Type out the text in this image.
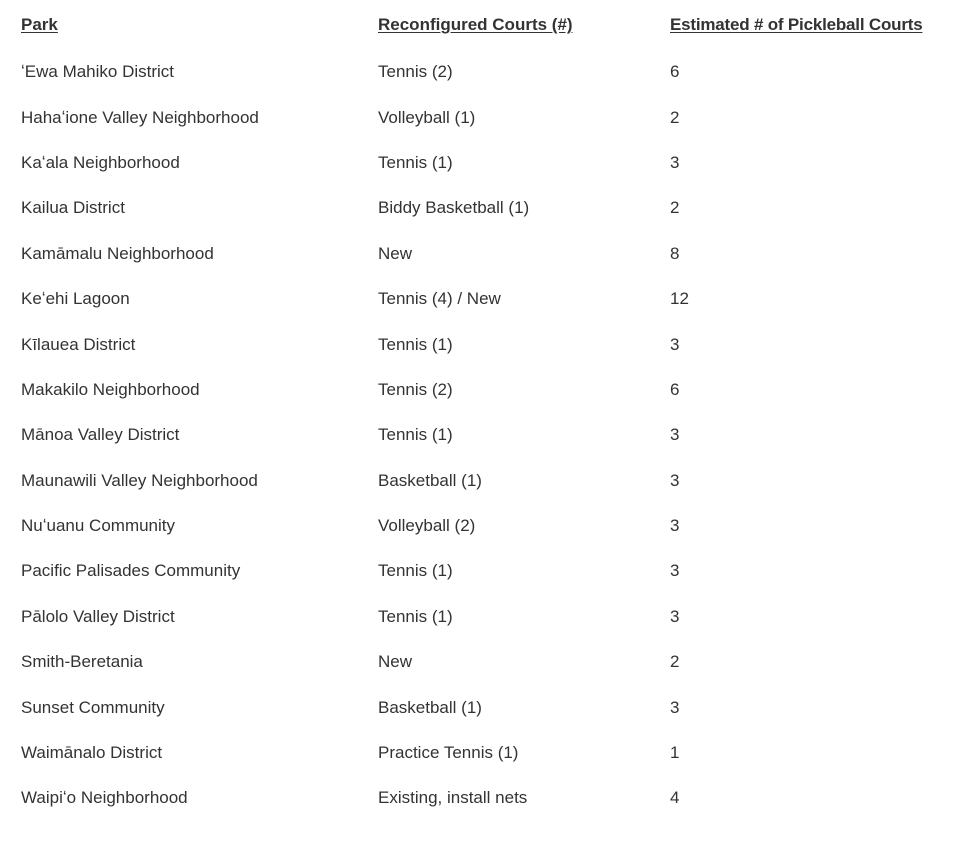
Park	Reconfigured Courts (#)	Estimated # of Pickleball Courts
ʻEwa Mahiko District	Tennis (2)	6
Hahaʻione Valley Neighborhood	Volleyball (1)	2
Kaʻala Neighborhood	Tennis (1)	3
Kailua District	Biddy Basketball (1)	2
Kamāmalu Neighborhood	New	8
Keʻehi Lagoon	Tennis (4) / New	12
Kīlauea District	Tennis (1)	3
Makakilo Neighborhood	Tennis (2)	6
Mānoa Valley District	Tennis (1)	3
Maunawili Valley Neighborhood	Basketball (1)	3
Nuʻuanu Community	Volleyball (2)	3
Pacific Palisades Community	Tennis (1)	3
Pālolo Valley District	Tennis (1)	3
Smith-Beretania	New	2
Sunset Community	Basketball (1)	3
Waimānalo District	Practice Tennis (1)	1
Waipiʻo Neighborhood	Existing, install nets	4
